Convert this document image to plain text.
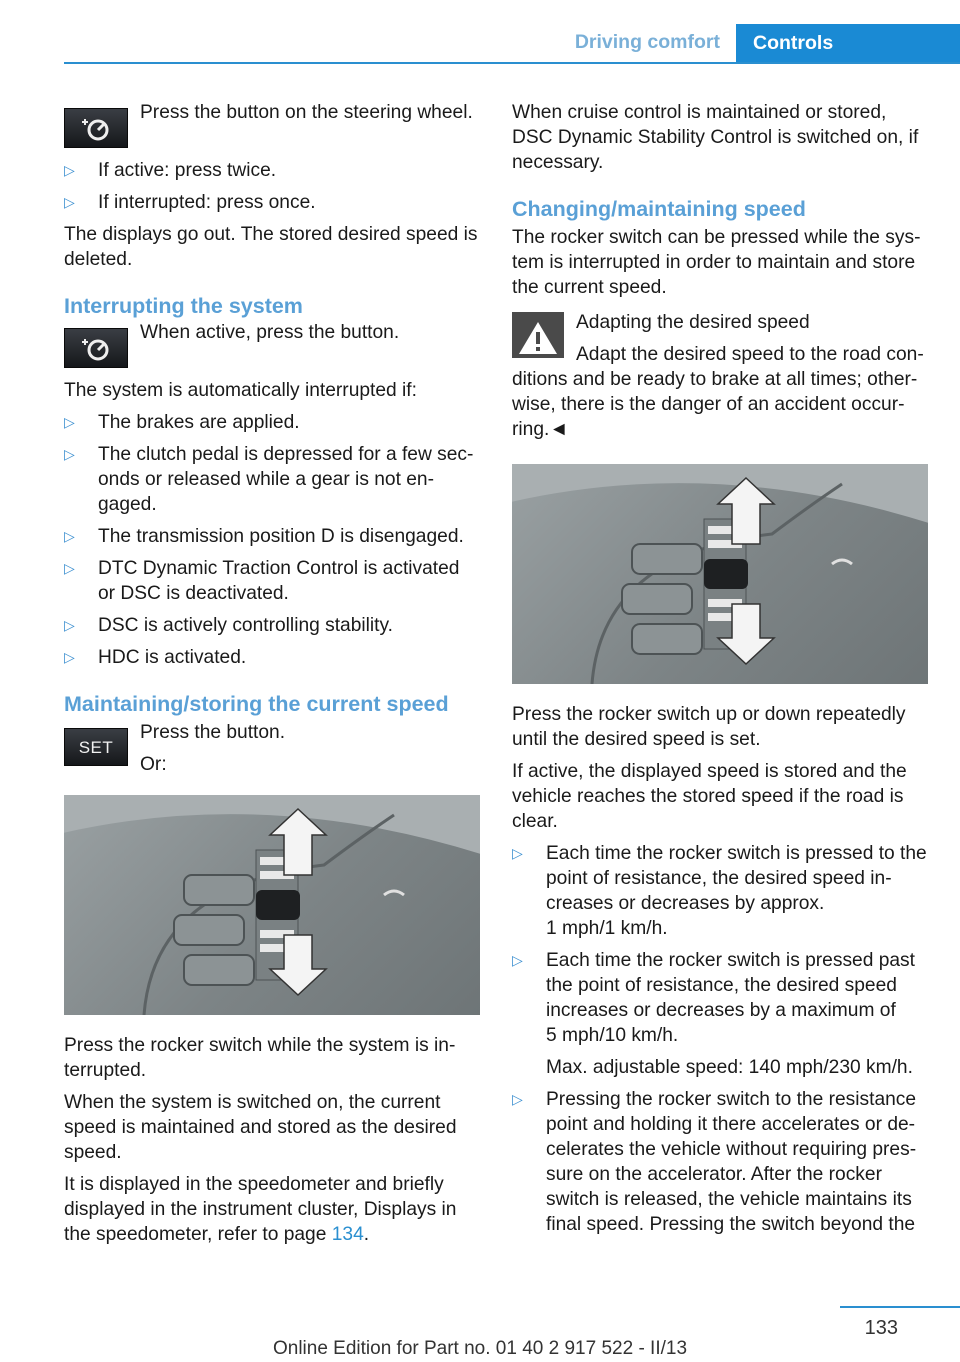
Driving comfort	Controls

Press the button on the steering wheel.

▷ If active: press twice.
▷ If interrupted: press once.

The displays go out. The stored desired speed is deleted.

Interrupting the system

When active, press the button.

The system is automatically interrupted if:

▷ The brakes are applied.
▷ The clutch pedal is depressed for a few seconds or released while a gear is not engaged.
▷ The transmission position D is disengaged.
▷ DTC Dynamic Traction Control is activated or DSC is deactivated.
▷ DSC is actively controlling stability.
▷ HDC is activated.
Maintaining/storing the current speed
SET

Press the button.

Or:

Press the rocker switch while the system is interrupted.

When the system is switched on, the current speed is maintained and stored as the desired speed.

It is displayed in the speedometer and briefly displayed in the instrument cluster, Displays in the speedometer, refer to page 134.

When cruise control is maintained or stored, DSC Dynamic Stability Control is switched on, if necessary.

Changing/maintaining speed

The rocker switch can be pressed while the system is interrupted in order to maintain and store the current speed.

Adapting the desired speed

Adapt the desired speed to the road conditions and be ready to brake at all times; otherwise, there is the danger of an accident occurring.◄

Press the rocker switch up or down repeatedly until the desired speed is set.

If active, the displayed speed is stored and the vehicle reaches the stored speed if the road is clear.

▷ Each time the rocker switch is pressed to the point of resistance, the desired speed increases or decreases by approx.
1 mph/1 km/h.
▷ Each time the rocker switch is pressed past the point of resistance, the desired speed increases or decreases by a maximum of
5 mph/10 km/h.

Max. adjustable speed: 140 mph/230 km/h.

▷ Pressing the rocker switch to the resistance point and holding it there accelerates or decelerates the vehicle without requiring pressure on the accelerator. After the rocker switch is released, the vehicle maintains its final speed. Pressing the switch beyond the
133
Online Edition for Part no. 01 40 2 917 522 - II/13
